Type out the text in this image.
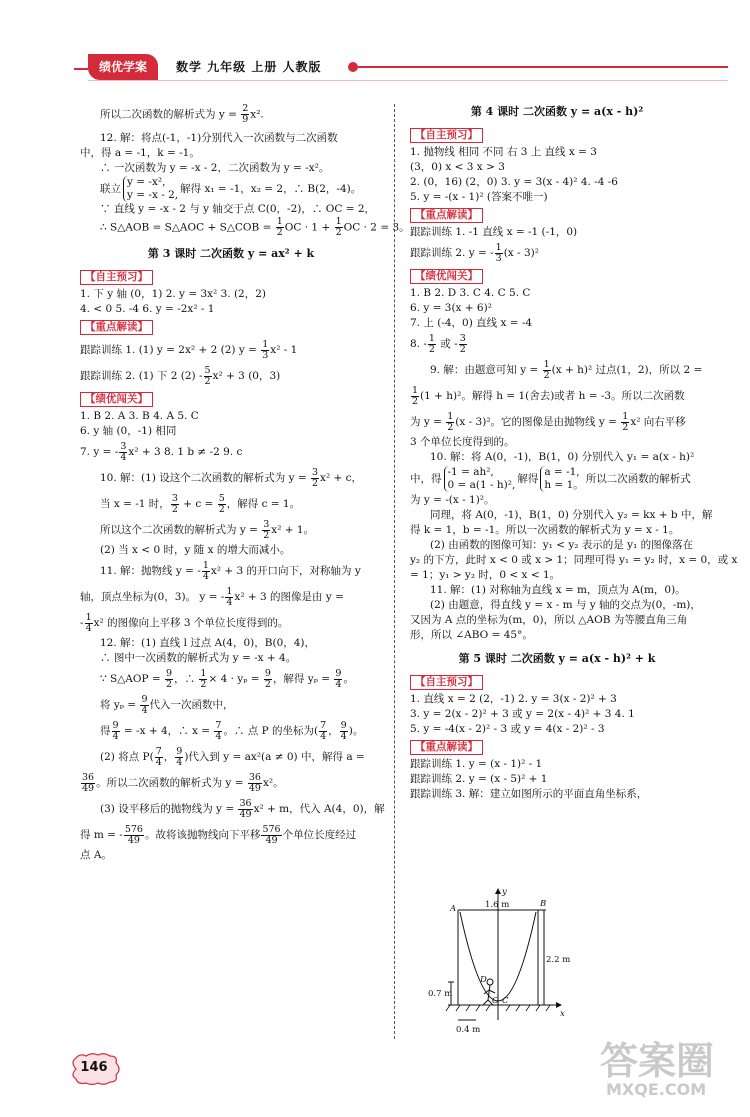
绩优学案	数学 九年级 上册 人教版

所以二次函数的解析式为 $y = \frac{2}{9} x^2$.

12. 解：将点(-1，-1)分别代入一次函数与二次函数

中，得 a = -1，k = -1。

∴ 一次函数为 y = -x - 2，二次函数为 y = -x²。

联立y = -x²,
y = -x - 2, 解得 x₁ = -1，x₂ = 2，∴ B(2，-4)。

∵ 直线 y = -x - 2 与 y 轴交于点 C(0，-2)，∴ OC = 2，

∴ S△AOB = S△AOC + S△COB = $\frac{1}{2}$ OC · $1 + \frac{1}{2}$ OC · 2 = 3。

第 3 课时 二次函数 y = ax² + k
【自主预习】

1. 下 y 轴 (0，1) 2. y = 3x² 3. (2，2)

4. < 0 5. -4 6. y = -2x² - 1

【重点解读】

跟踪训练 1. (1) y = 2x² + 2 (2) $y = \frac{1}{3} x^2 - 1$

跟踪训练 2. (1) 下 2 $(2) - \frac{5}{2} x^2 + 3$ (0，3)

【绩优闯关】

1. B 2. A 3. B 4. A 5. C

6. y 轴 (0，-1) 相同

7. y = - $\frac{3}{4} x^2 + 3$ 8. 1 b ≠ -2 9. c

10. 解：(1) 设这个二次函数的解析式为 $y = \frac{3}{2} x^2 + c$，

当 x = -1 时， $\frac{3}{2} + c = \frac{5}{2}$ ，解得 c = 1。

所以这个二次函数的解析式为 $y = \frac{3}{2} x^2 + 1$。

(2) 当 x < 0 时，y 随 x 的增大而减小。

11. 解：抛物线 y = - $\frac{1}{4} x^2 + 3$ 的开口向下，对称轴为 y

轴，顶点坐标为(0，3)。 y = - $\frac{1}{4} x^2 + 3$ 的图像是由 y =

- $\frac{1}{4} x^2$ 的图像向上平移 3 个单位长度得到的。

12. 解：(1) 直线 l 过点 A(4，0)，B(0，4)，

∴ 图中一次函数的解析式为 y = -x + 4。

∵ S△AOP = $\frac{9}{2}$ ，∴ $\frac{1}{2} \times 4 \cdot y_p = \frac{9}{2}$ ，解得 $y_p = \frac{9}{4}$ 。

将 $y_p = \frac{9}{4}$ 代入一次函数中，

得 $\frac{9}{4} = -x + 4$，∴ $x = \frac{7}{4}$ 。∴ 点 P 的坐标为( $\frac{7}{4}$ ， $\frac{9}{4}$ )。

(2) 将点 $P( \frac{7}{4}$ ， $\frac{9}{4}$ )代入到 y = ax²(a ≠ 0) 中，解得 a =

$\frac{36}{49}$ 。所以二次函数的解析式为 $y = \frac{36}{49} x^2$。

(3) 设平移后的抛物线为 $y = \frac{36}{49} x^2 + m$，代入 A(4，0)，解

得 m = - $\frac{576}{49}$ 。故将该抛物线向下平移 $\frac{576}{49}$ 个单位长度经过

点 A。

第 4 课时 二次函数 y = a(x - h)²
【自主预习】

1. 抛物线 相同 不同 右 3 上 直线 x = 3

(3，0) x < 3 x > 3

2. (0，16) (2，0) 3. y = 3(x - 4)² 4. -4 -6

5. y = -(x - 1)² (答案不唯一)

【重点解读】

跟踪训练 1. -1 直线 x = -1 (-1，0)

跟踪训练 2. y = - $\frac{1}{3} (x - 3)^2$

【绩优闯关】

1. B 2. D 3. C 4. C 5. C

6. y = 3(x + 6)²

7. 上 (-4，0) 直线 x = -4

8. - $\frac{1}{2}$ 或 - $\frac{3}{2}$

9. 解：由题意可知 $y = \frac{1}{2} (x + h)^2$ 过点(1，2)，所以 2 =

$\frac{1}{2} (1 + h)^2$。解得 h = 1(舍去)或者 h = -3。所以二次函数

为 $y = \frac{1}{2} (x - 3)^2$。它的图像是由抛物线 $y = \frac{1}{2} x^2$ 向右平移

3 个单位长度得到的。

10. 解：将 A(0，-1)，B(1，0) 分别代入 y₁ = a(x - h)²

中，得-1 = ah²,
0 = a(1 - h)², 解得a = -1,
h = 1。 所以二次函数的解析式

为 y = -(x - 1)²。

同理，将 A(0，-1)，B(1，0) 分别代入 y₂ = kx + b 中，解

得 k = 1，b = -1。所以一次函数的解析式为 y = x - 1。

(2) 由函数的图像可知：y₁ < y₂ 表示的是 y₁ 的图像落在

y₂ 的下方，此时 x < 0 或 x > 1；同理可得 y₁ = y₂ 时，x = 0，或 x

= 1；y₁ > y₂ 时，0 < x < 1。

11. 解：(1) 对称轴为直线 x = m，顶点为 A(m，0)。

(2) 由题意，得直线 y = x - m 与 y 轴的交点为(0，-m)，

又因为 A 点的坐标为(m，0)，所以 △AOB 为等腰直角三角

形，所以 ∠ABO = 45°。

第 5 课时 二次函数 y = a(x - h)² + k
【自主预习】

1. 直线 x = 2 (2，-1) 2. y = 3(x - 2)² + 3

3. y = 2(x - 2)² + 3 或 y = 2(x - 4)² + 3 4. 1

5. y = -4(x - 2)² - 3 或 y = 4(x - 2)² - 3

【重点解读】

跟踪训练 1. y = (x - 1)² - 1

跟踪训练 2. y = (x - 5)² + 1

跟踪训练 3. 解：建立如图所示的平面直角坐标系，

1.6 m
A	B
y
2.2 m
D
C
O
x
0.7 m
0.4 m
146	答案圈
MXQE.COM
